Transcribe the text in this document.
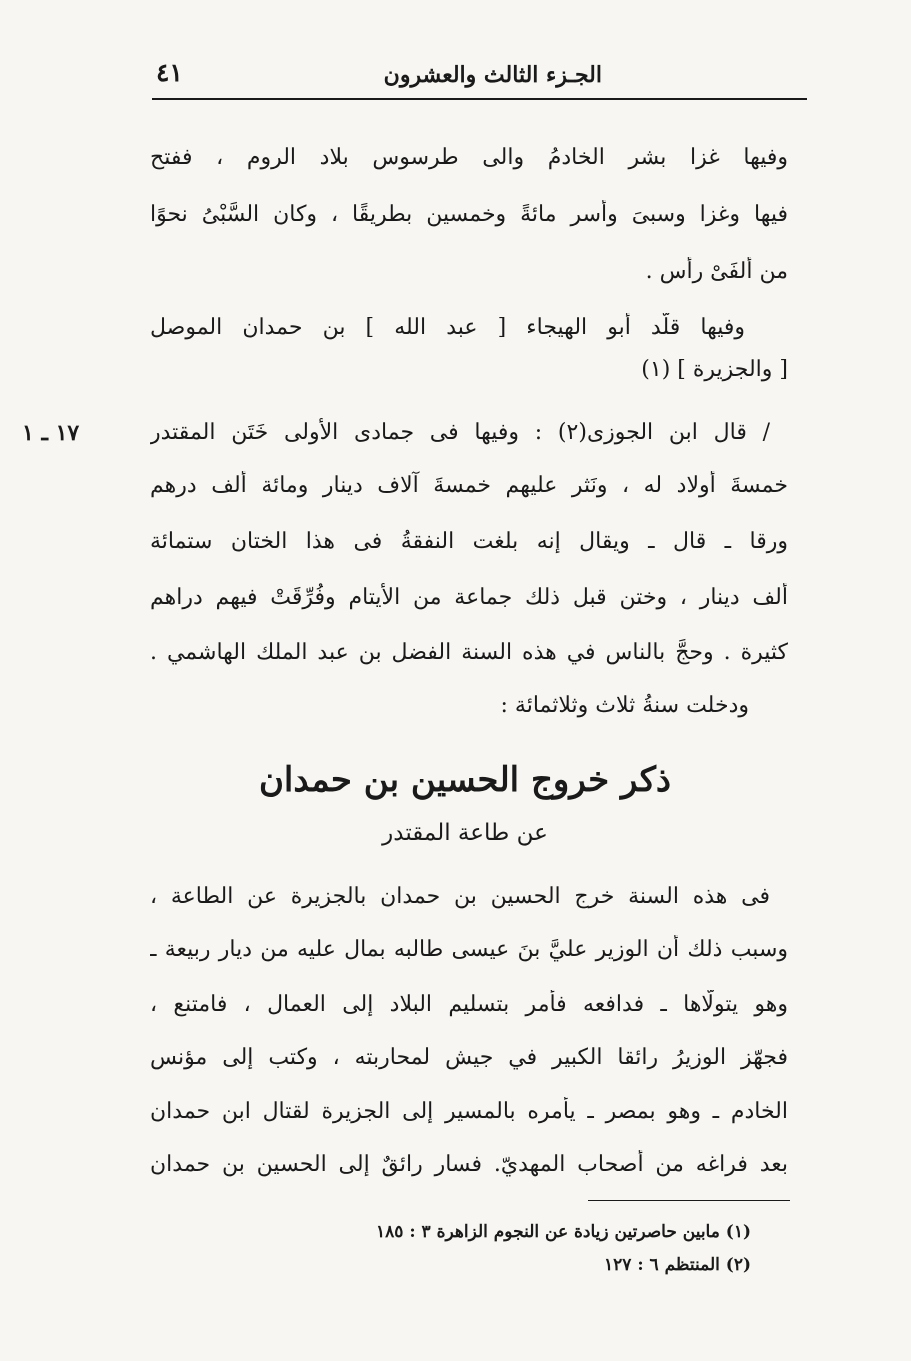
الجـزء الثالث والعشرون
٤١
وفيها غزا بشر الخادمُ والى طرسوس بلاد الروم ، ففتح
فيها وغزا وسبىَ وأسر مائةً وخمسين بطريقًا ، وكان السَّبْىُ نحوًا
من ألفَىْ رأس .
وفيها قلّد أبو الهيجاء [ عبد الله ] بن حمدان الموصل
[ والجزيرة ] (١)
١٧ ـ ١	/ قال ابن الجوزى(٢) : وفيها فى جمادى الأُولى خَتَن المقتدر
خمسةَ أولاد له ، ونَثر عليهم خمسةَ آلاف دينار ومائة ألف درهم
ورقا ـ قال ـ ويقال إنه بلغت النفقةُ فى هذا الختان ستمائة
ألف دينار ، وختن قبل ذلك جماعة من الأيتام وفُرِّقَتْ فيهم دراهم
كثيرة . وحجَّ بالناس في هذه السنة الفضل بن عبد الملك الهاشمي .
ودخلت سنةُ ثلاث وثلاثمائة :
ذكر خروج الحسين بن حمدان
عن طاعة المقتدر
فى هذه السنة خرج الحسين بن حمدان بالجزيرة عن الطاعة ،
وسبب ذلك أن الوزير عليَّ بنَ عيسى طالبه بمال عليه من ديار ربيعة ـ
وهو يتولّاها ـ فدافعه فأمر بتسليم البلاد إلى العمال ، فامتنع ،
فجهّز الوزيرُ رائقا الكبير في جيش لمحاربته ، وكتب إلى مؤنس
الخادم ـ وهو بمصر ـ يأمره بالمسير إلى الجزيرة لقتال ابن حمدان
بعد فراغه من أصحاب المهديّ. فسار رائقٌ إلى الحسين بن حمدان
(١) مابين حاصرتين زيادة عن النجوم الزاهرة ٣ : ١٨٥
(٢) المنتظم ٦ : ١٢٧
